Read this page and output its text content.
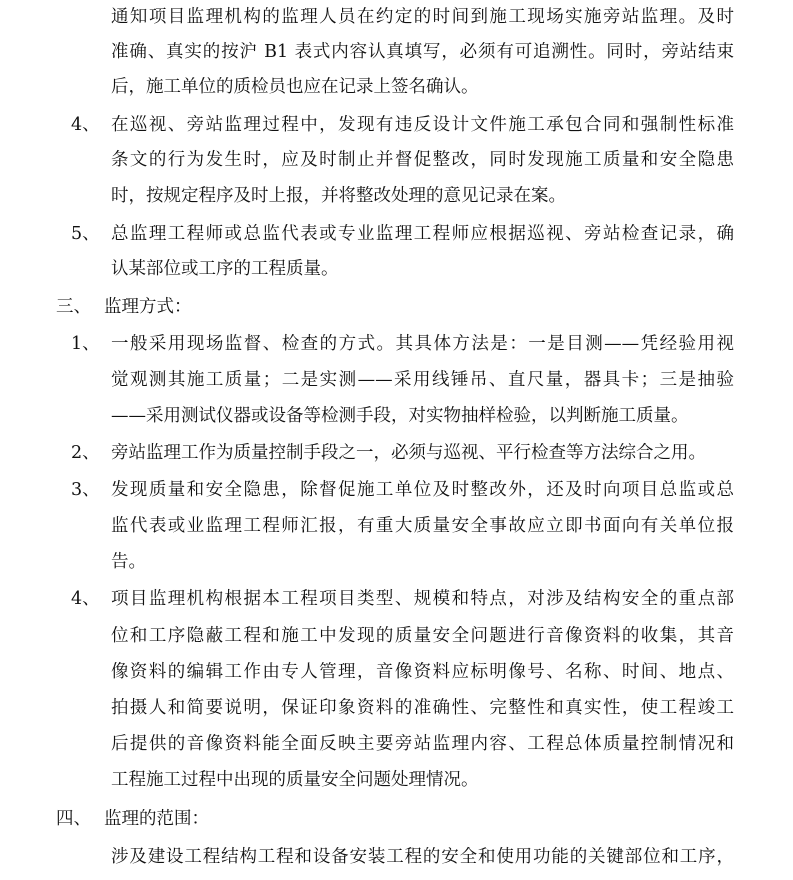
通知项目监理机构的监理人员在约定的时间到施工现场实施旁站监理。及时
准确、真实的按沪 B1 表式内容认真填写，必须有可追溯性。同时，旁站结束
后，施工单位的质检员也应在记录上签名确认。
4、 在巡视、旁站监理过程中，发现有违反设计文件施工承包合同和强制性标准
条文的行为发生时，应及时制止并督促整改，同时发现施工质量和安全隐患
时，按规定程序及时上报，并将整改处理的意见记录在案。
5、 总监理工程师或总监代表或专业监理工程师应根据巡视、旁站检查记录，确
认某部位或工序的工程质量。
三、 监理方式：
1、 一般采用现场监督、检查的方式。其具体方法是：一是目测——凭经验用视
觉观测其施工质量；二是实测——采用线锤吊、直尺量，器具卡；三是抽验
——采用测试仪器或设备等检测手段，对实物抽样检验，以判断施工质量。
2、 旁站监理工作为质量控制手段之一，必须与巡视、平行检查等方法综合之用。
3、 发现质量和安全隐患，除督促施工单位及时整改外，还及时向项目总监或总
监代表或业监理工程师汇报，有重大质量安全事故应立即书面向有关单位报
告。
4、 项目监理机构根据本工程项目类型、规模和特点，对涉及结构安全的重点部
位和工序隐蔽工程和施工中发现的质量安全问题进行音像资料的收集，其音
像资料的编辑工作由专人管理，音像资料应标明像号、名称、时间、地点、
拍摄人和简要说明，保证印象资料的准确性、完整性和真实性，使工程竣工
后提供的音像资料能全面反映主要旁站监理内容、工程总体质量控制情况和
工程施工过程中出现的质量安全问题处理情况。
四、 监理的范围：
涉及建设工程结构工程和设备安装工程的安全和使用功能的关键部位和工序，
